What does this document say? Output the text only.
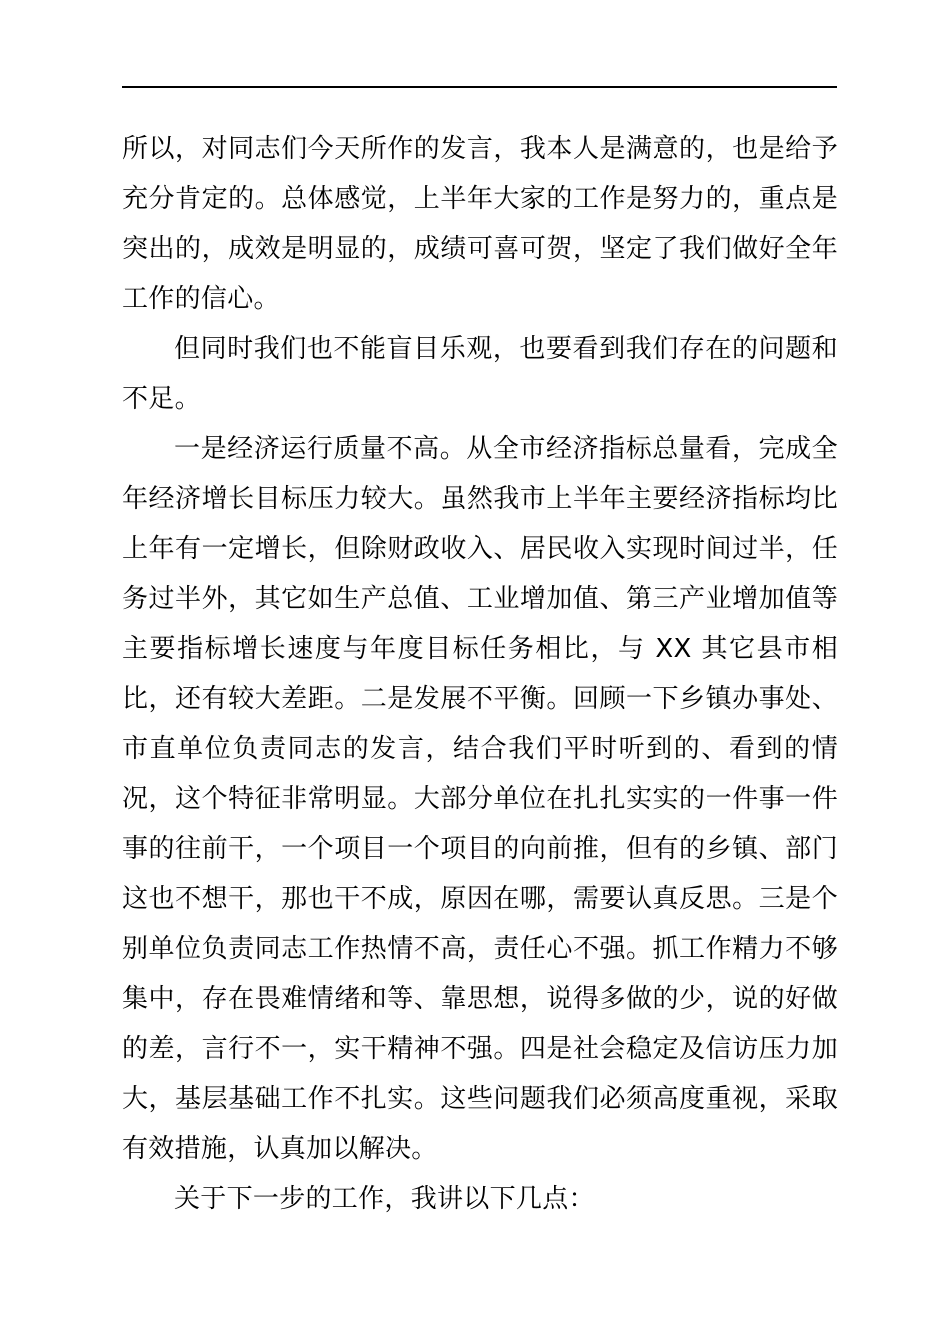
所以，对同志们今天所作的发言，我本人是满意的，也是给予充分肯定的。总体感觉，上半年大家的工作是努力的，重点是突出的，成效是明显的，成绩可喜可贺，坚定了我们做好全年工作的信心。

但同时我们也不能盲目乐观，也要看到我们存在的问题和不足。

一是经济运行质量不高。从全市经济指标总量看，完成全年经济增长目标压力较大。虽然我市上半年主要经济指标均比上年有一定增长，但除财政收入、居民收入实现时间过半，任务过半外，其它如生产总值、工业增加值、第三产业增加值等主要指标增长速度与年度目标任务相比，与 XX 其它县市相比，还有较大差距。二是发展不平衡。回顾一下乡镇办事处、市直单位负责同志的发言，结合我们平时听到的、看到的情况，这个特征非常明显。大部分单位在扎扎实实的一件事一件事的往前干，一个项目一个项目的向前推，但有的乡镇、部门这也不想干，那也干不成，原因在哪，需要认真反思。三是个别单位负责同志工作热情不高，责任心不强。抓工作精力不够集中，存在畏难情绪和等、靠思想，说得多做的少，说的好做的差，言行不一，实干精神不强。四是社会稳定及信访压力加大，基层基础工作不扎实。这些问题我们必须高度重视，采取有效措施，认真加以解决。

关于下一步的工作，我讲以下几点：
